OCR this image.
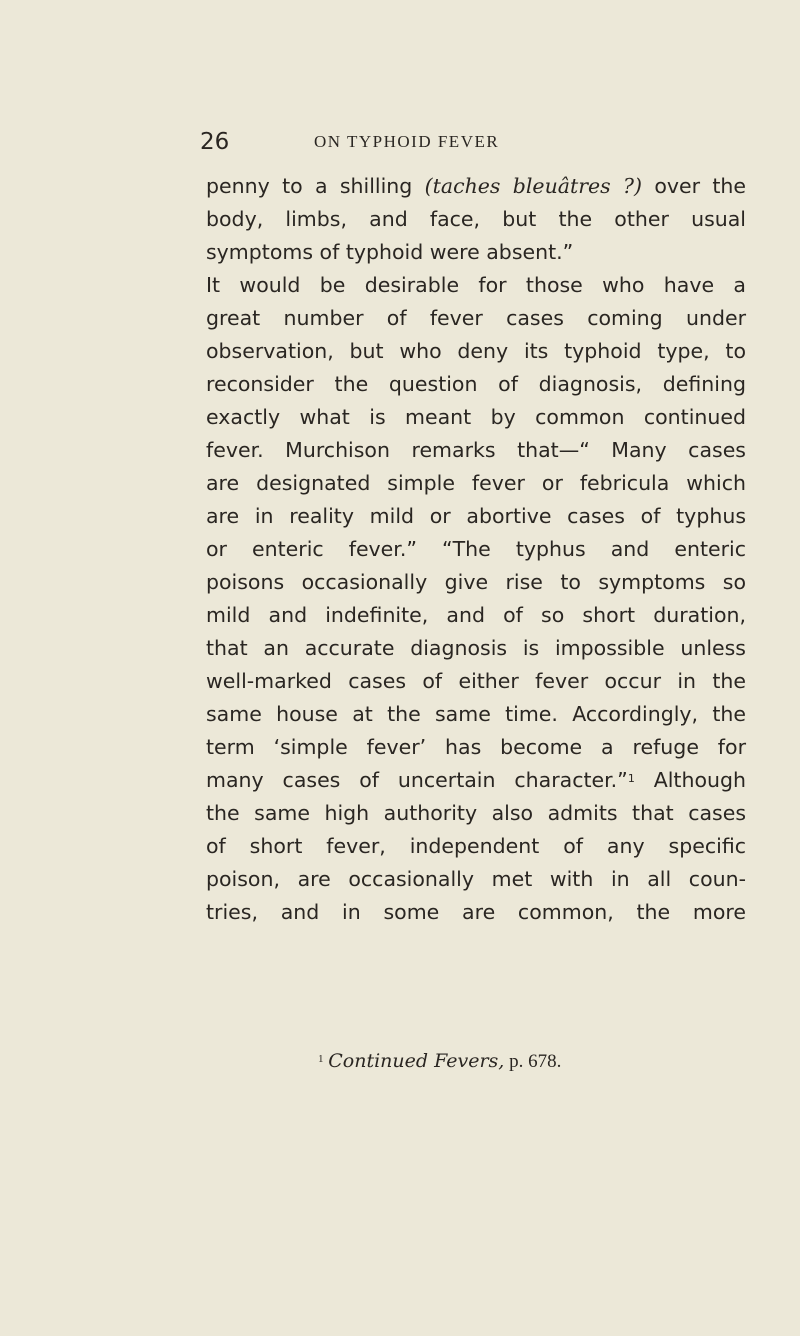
26	ON TYPHOID FEVER
penny to a shilling (taches bleuâtres ?) over the
body, limbs, and face, but the other usual
symptoms of typhoid were absent.”
It would be desirable for those who have a
great number of fever cases coming under
observation, but who deny its typhoid type, to
reconsider the question of diagnosis, defining
exactly what is meant by common continued
fever. Murchison remarks that—“ Many cases
are designated simple fever or febricula which
are in reality mild or abortive cases of typhus
or enteric fever.” “The typhus and enteric
poisons occasionally give rise to symptoms so
mild and indefinite, and of so short duration,
that an accurate diagnosis is impossible unless
well-marked cases of either fever occur in the
same house at the same time. Accordingly, the
term ‘simple fever’ has become a refuge for
many cases of uncertain character.”$^1$ Although
the same high authority also admits that cases
of short fever, independent of any specific
poison, are occasionally met with in all coun-
tries, and in some are common, the more
$^1$ Continued Fevers, p. 678.
